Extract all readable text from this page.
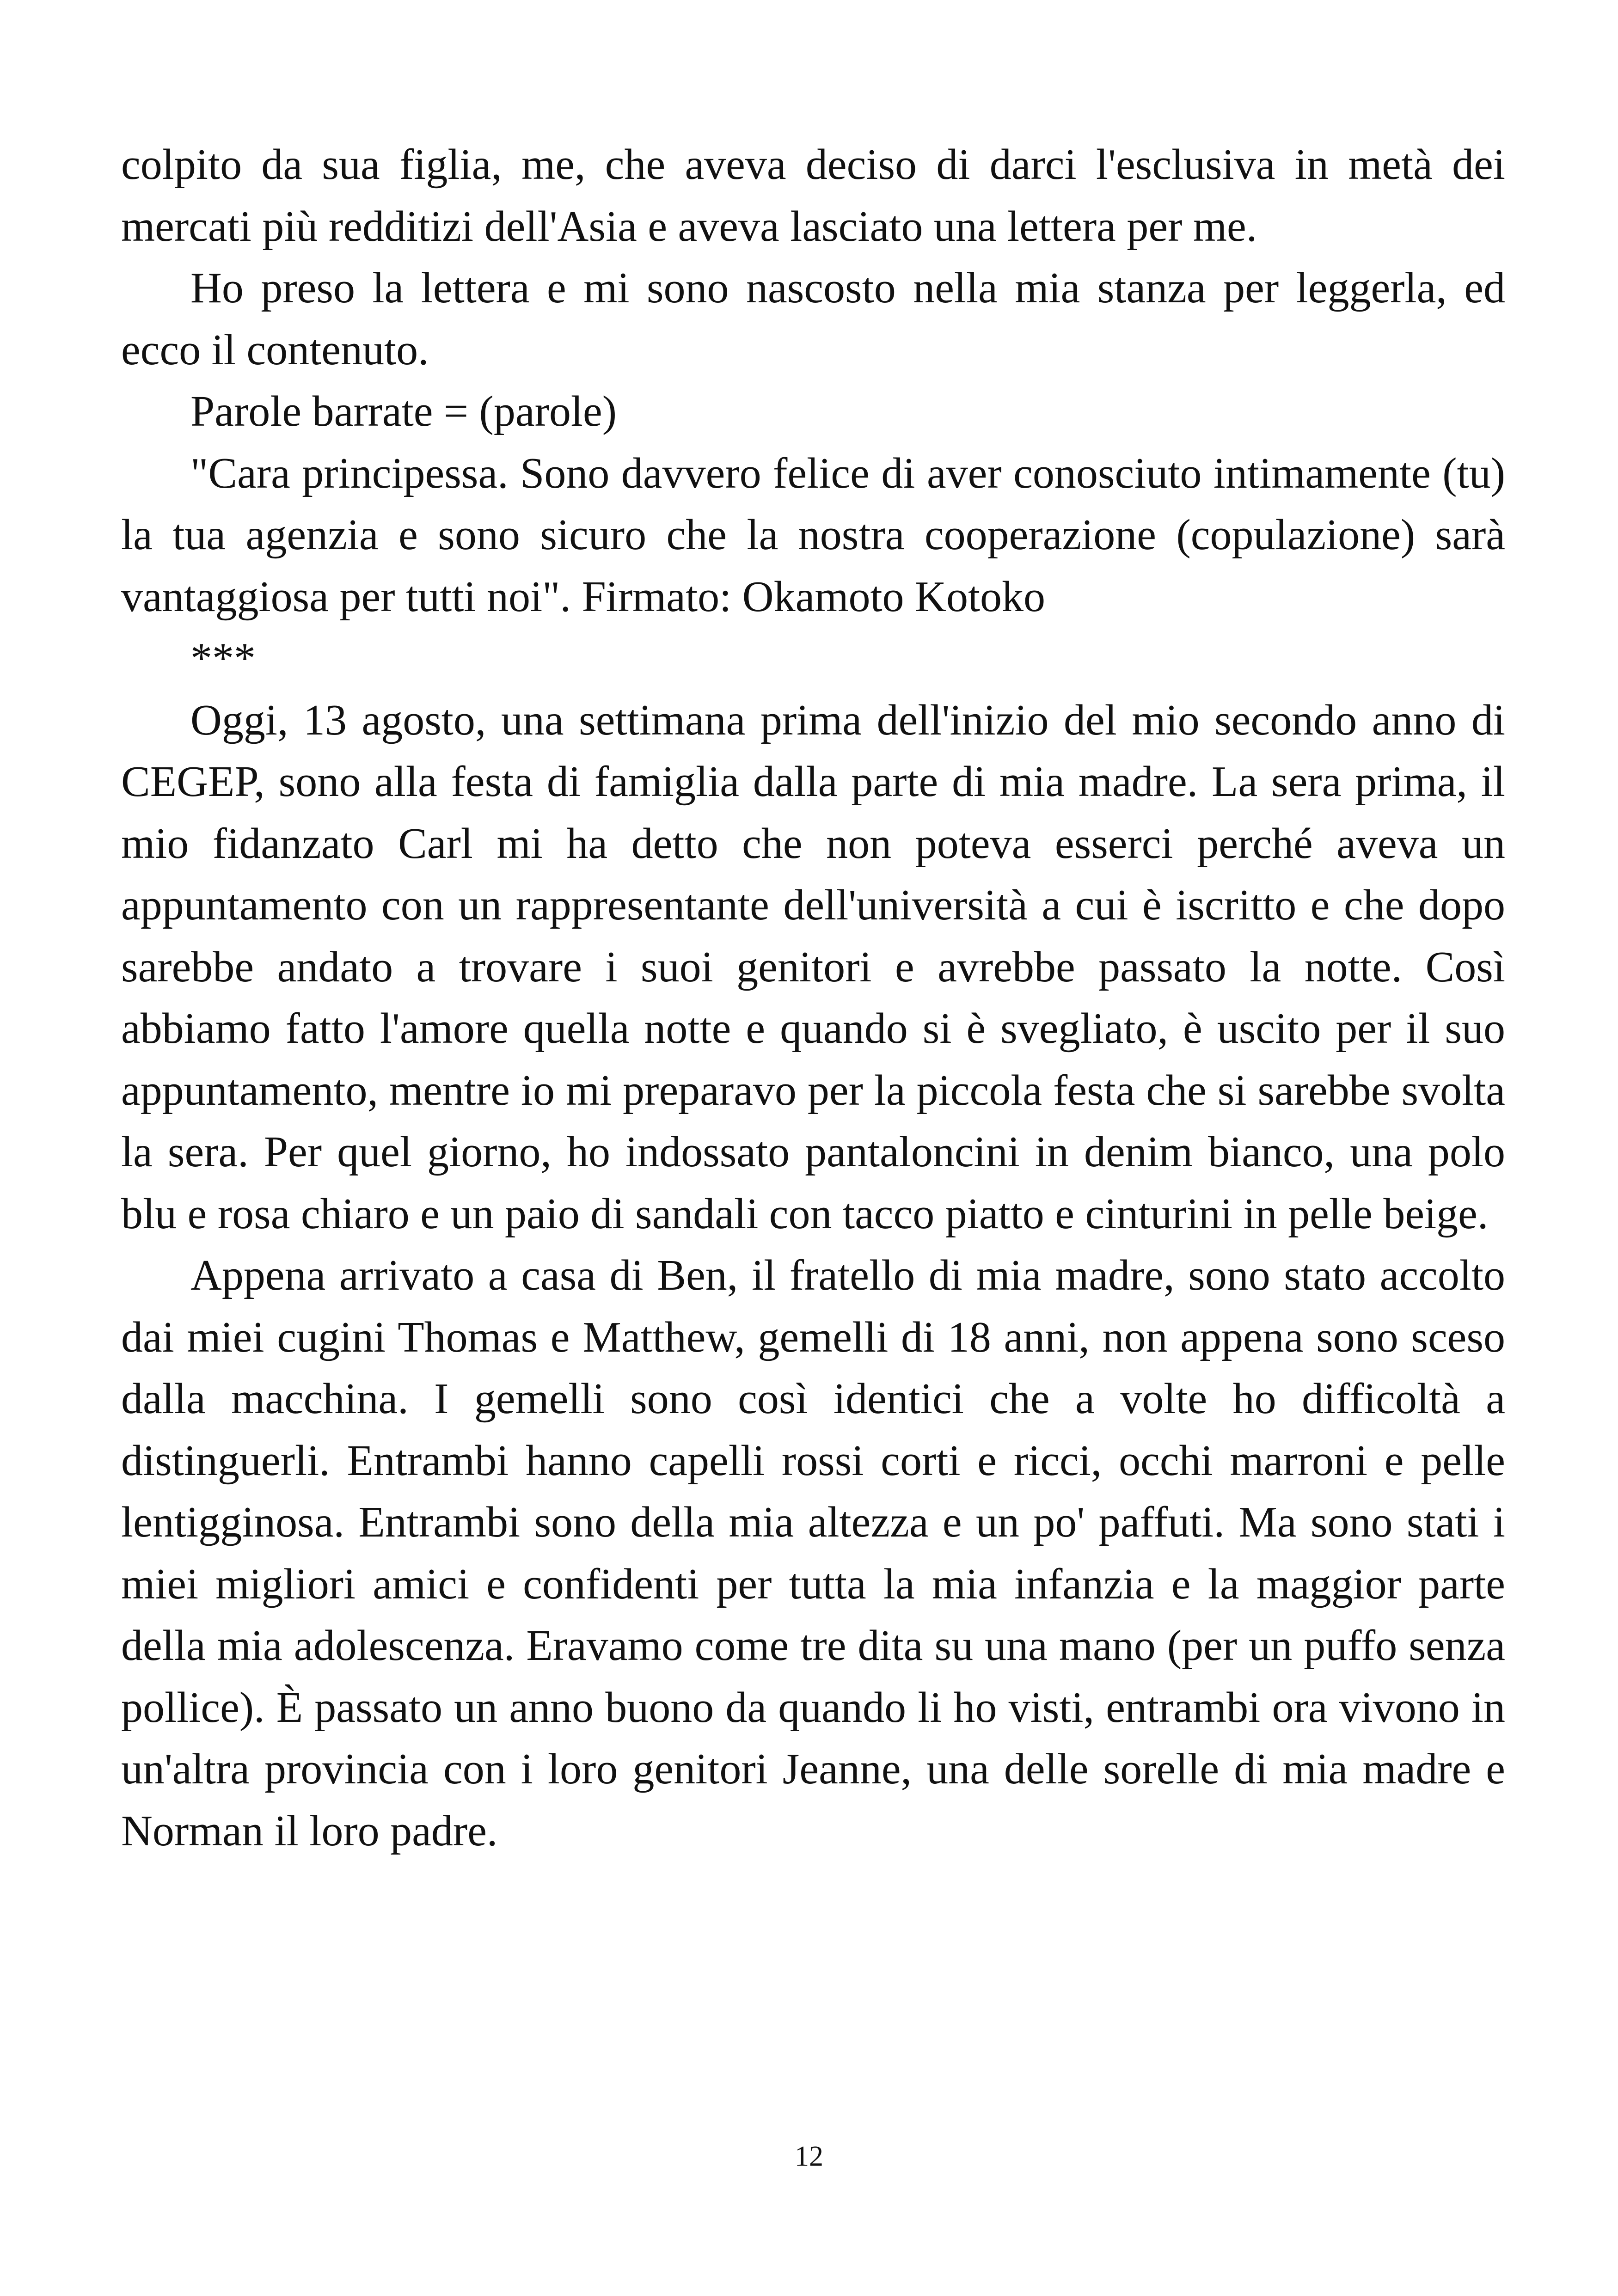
colpito da sua figlia, me, che aveva deciso di darci l'esclusiva in metà dei mercati più redditizi dell'Asia e aveva lasciato una lettera per me.

Ho preso la lettera e mi sono nascosto nella mia stanza per leggerla, ed ecco il contenuto.

Parole barrate = (parole)

"Cara principessa. Sono davvero felice di aver conosciuto intimamente (tu) la tua agenzia e sono sicuro che la nostra cooperazione (copulazione) sarà vantaggiosa per tutti noi". Firmato: Okamoto Kotoko

***

Oggi, 13 agosto, una settimana prima dell'inizio del mio secondo anno di CEGEP, sono alla festa di famiglia dalla parte di mia madre. La sera prima, il mio fidanzato Carl mi ha detto che non poteva esserci perché aveva un appuntamento con un rappresentante dell'università a cui è iscritto e che dopo sarebbe andato a trovare i suoi genitori e avrebbe passato la notte. Così abbiamo fatto l'amore quella notte e quando si è svegliato, è uscito per il suo appuntamento, mentre io mi preparavo per la piccola festa che si sarebbe svolta la sera. Per quel giorno, ho indossato pantaloncini in denim bianco, una polo blu e rosa chiaro e un paio di sandali con tacco piatto e cinturini in pelle beige.

Appena arrivato a casa di Ben, il fratello di mia madre, sono stato accolto dai miei cugini Thomas e Matthew, gemelli di 18 anni, non appena sono sceso dalla macchina. I gemelli sono così identici che a volte ho difficoltà a distinguerli. Entrambi hanno capelli rossi corti e ricci, occhi marroni e pelle lentigginosa. Entrambi sono della mia altezza e un po' paffuti. Ma sono stati i miei migliori amici e confidenti per tutta la mia infanzia e la maggior parte della mia adolescenza. Eravamo come tre dita su una mano (per un puffo senza pollice). È passato un anno buono da quando li ho visti, entrambi ora vivono in un'altra provincia con i loro genitori Jeanne, una delle sorelle di mia madre e Norman il loro padre.

12
